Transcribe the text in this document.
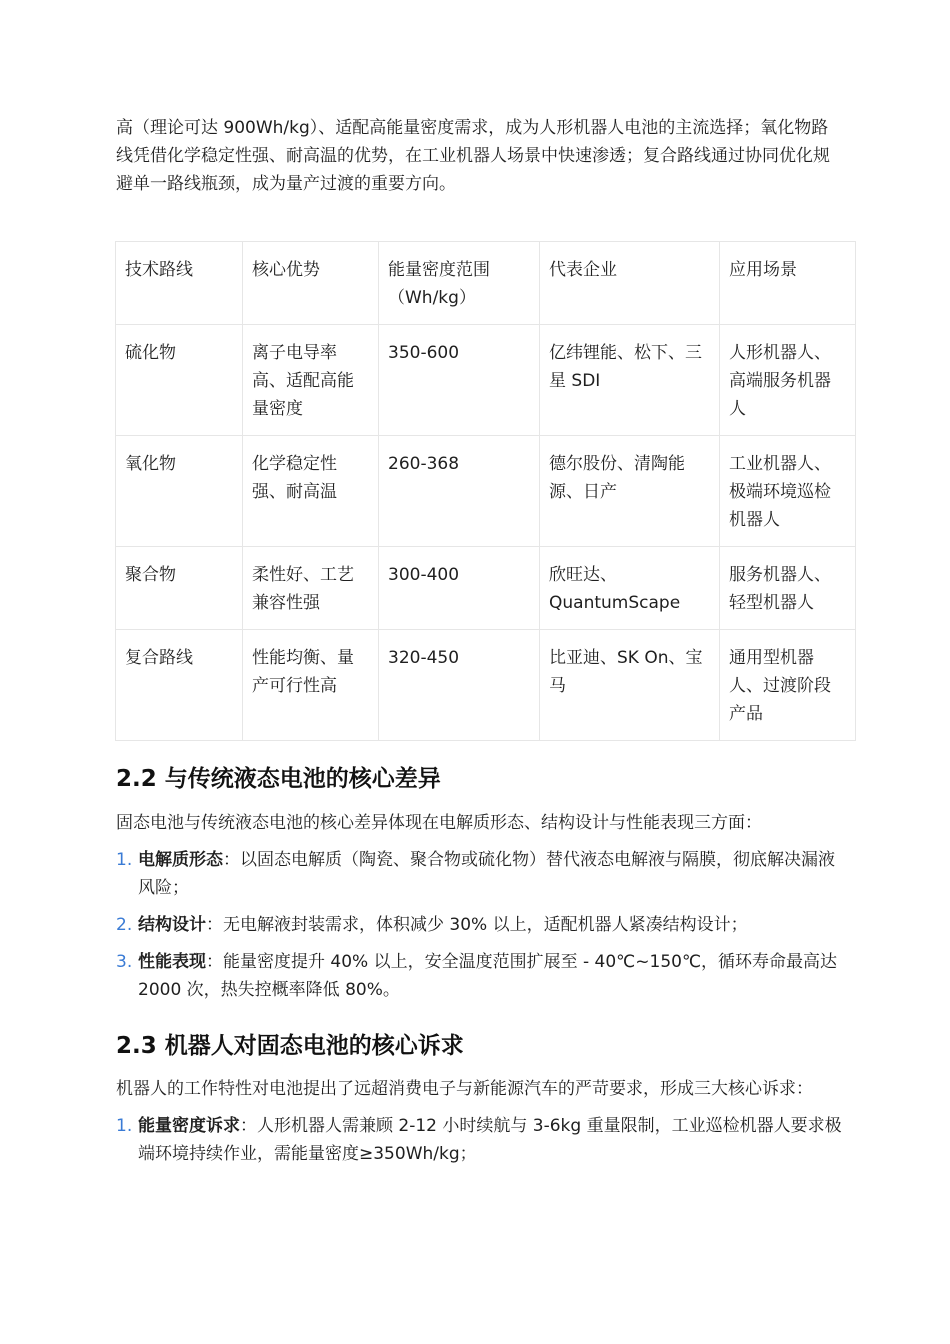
高（理论可达 900Wh/kg）、适配高能量密度需求，成为人形机器人电池的主流选择；氧化物路线凭借化学稳定性强、耐高温的优势，在工业机器人场景中快速渗透；复合路线通过协同优化规避单一路线瓶颈，成为量产过渡的重要方向。

技术路线	核心优势	能量密度范围（Wh/kg）	代表企业	应用场景
硫化物	离子电导率高、适配高能量密度	350-600	亿纬锂能、松下、三星 SDI	人形机器人、高端服务机器人
氧化物	化学稳定性强、耐高温	260-368	德尔股份、清陶能源、日产	工业机器人、极端环境巡检机器人
聚合物	柔性好、工艺兼容性强	300-400	欣旺达、QuantumScape	服务机器人、轻型机器人
复合路线	性能均衡、量产可行性高	320-450	比亚迪、SK On、宝马	通用型机器人、过渡阶段产品
2.2 与传统液态电池的核心差异

固态电池与传统液态电池的核心差异体现在电解质形态、结构设计与性能表现三方面：

1. 电解质形态：以固态电解质（陶瓷、聚合物或硫化物）替代液态电解液与隔膜，彻底解决漏液风险；
2. 结构设计：无电解液封装需求，体积减少 30% 以上，适配机器人紧凑结构设计；
3. 性能表现：能量密度提升 40% 以上，安全温度范围扩展至 - 40℃~150℃，循环寿命最高达 2000 次，热失控概率降低 80%。
2.3 机器人对固态电池的核心诉求

机器人的工作特性对电池提出了远超消费电子与新能源汽车的严苛要求，形成三大核心诉求：

1. 能量密度诉求：人形机器人需兼顾 2-12 小时续航与 3-6kg 重量限制，工业巡检机器人要求极端环境持续作业，需能量密度≥350Wh/kg；
